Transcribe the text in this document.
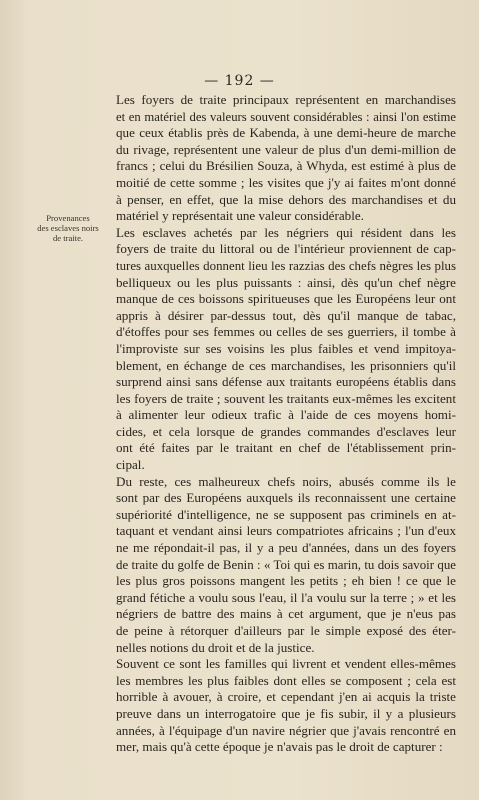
— 192 —
Provenances
des esclaves noirs
de traite.
Les foyers de traite principaux représentent en marchandises
et en matériel des valeurs souvent considérables : ainsi l'on estime
que ceux établis près de Kabenda, à une demi-heure de marche
du rivage, représentent une valeur de plus d'un demi-million de
francs ; celui du Brésilien Souza, à Whyda, est estimé à plus de
moitié de cette somme ; les visites que j'y ai faites m'ont donné
à penser, en effet, que la mise dehors des marchandises et du
matériel y représentait une valeur considérable.
Les esclaves achetés par les négriers qui résident dans les
foyers de traite du littoral ou de l'intérieur proviennent de cap-
tures auxquelles donnent lieu les razzias des chefs nègres les plus
belliqueux ou les plus puissants : ainsi, dès qu'un chef nègre
manque de ces boissons spiritueuses que les Européens leur ont
appris à désirer par-dessus tout, dès qu'il manque de tabac,
d'étoffes pour ses femmes ou celles de ses guerriers, il tombe à
l'improviste sur ses voisins les plus faibles et vend impitoya-
blement, en échange de ces marchandises, les prisonniers qu'il
surprend ainsi sans défense aux traitants européens établis dans
les foyers de traite ; souvent les traitants eux-mêmes les excitent
à alimenter leur odieux trafic à l'aide de ces moyens homi-
cides, et cela lorsque de grandes commandes d'esclaves leur
ont été faites par le traitant en chef de l'établissement prin-
cipal.
Du reste, ces malheureux chefs noirs, abusés comme ils le
sont par des Européens auxquels ils reconnaissent une certaine
supériorité d'intelligence, ne se supposent pas criminels en at-
taquant et vendant ainsi leurs compatriotes africains ; l'un d'eux
ne me répondait-il pas, il y a peu d'années, dans un des foyers
de traite du golfe de Benin : « Toi qui es marin, tu dois savoir que
les plus gros poissons mangent les petits ; eh bien ! ce que le
grand fétiche a voulu sous l'eau, il l'a voulu sur la terre ; » et les
négriers de battre des mains à cet argument, que je n'eus pas
de peine à rétorquer d'ailleurs par le simple exposé des éter-
nelles notions du droit et de la justice.
Souvent ce sont les familles qui livrent et vendent elles-mêmes
les membres les plus faibles dont elles se composent ; cela est
horrible à avouer, à croire, et cependant j'en ai acquis la triste
preuve dans un interrogatoire que je fis subir, il y a plusieurs
années, à l'équipage d'un navire négrier que j'avais rencontré en
mer, mais qu'à cette époque je n'avais pas le droit de capturer :
